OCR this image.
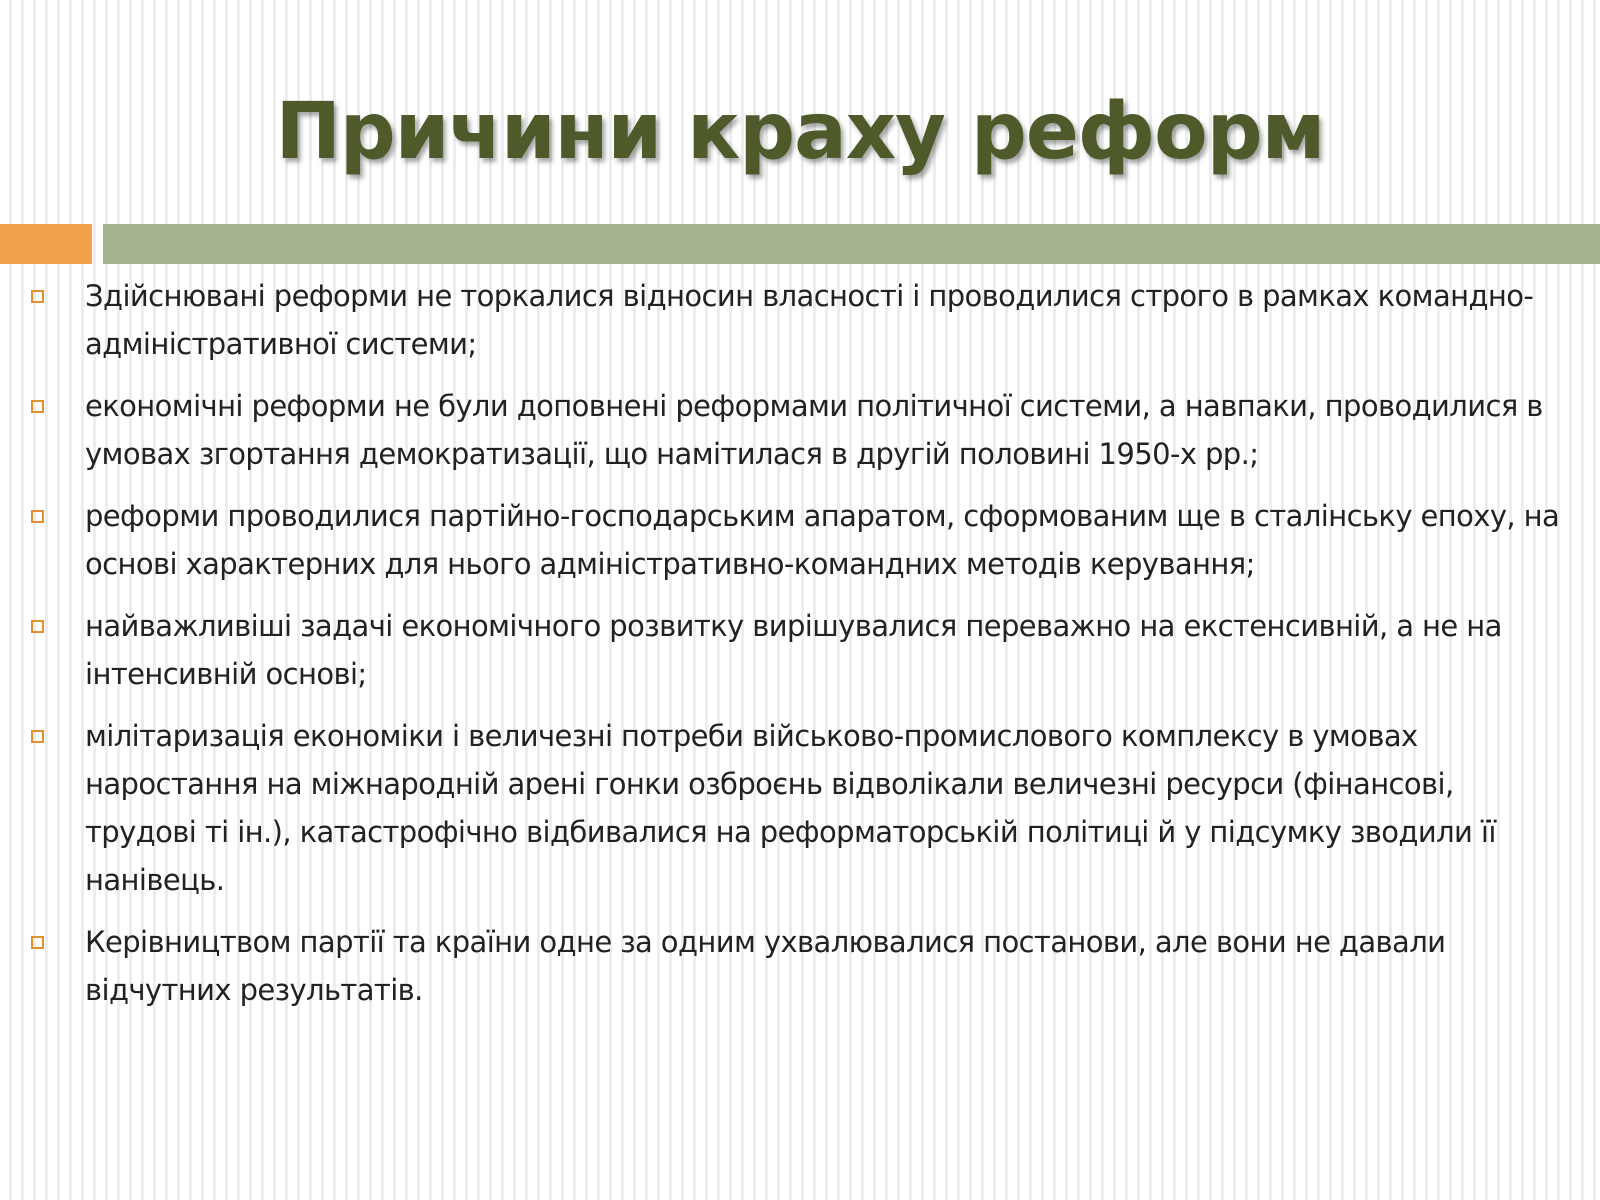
Причини краху реформ
Здійснювані реформи не торкалися відносин власності і проводилися строго в рамках командно-адміністративної системи;
економічні реформи не були доповнені реформами політичної системи, а навпаки, проводилися в умовах згортання демократизації, що намітилася в другій половині 1950-х рр.;
реформи проводилися партійно-господарським апаратом, сформованим ще в сталінську епоху, на основі характерних для нього адміністративно-командних методів керування;
найважливіші задачі економічного розвитку вирішувалися переважно на екстенсивній, а не на інтенсивній основі;
мілітаризація економіки і величезні потреби військово-промислового комплексу в умовах наростання на міжнародній арені гонки озброєнь відволікали величезні ресурси (фінансові, трудові ті ін.), катастрофічно відбивалися на реформаторській політиці й у підсумку зводили її нанівець.
Керівництвом партії та країни одне за одним ухвалювалися постанови, але вони не давали відчутних результатів.
